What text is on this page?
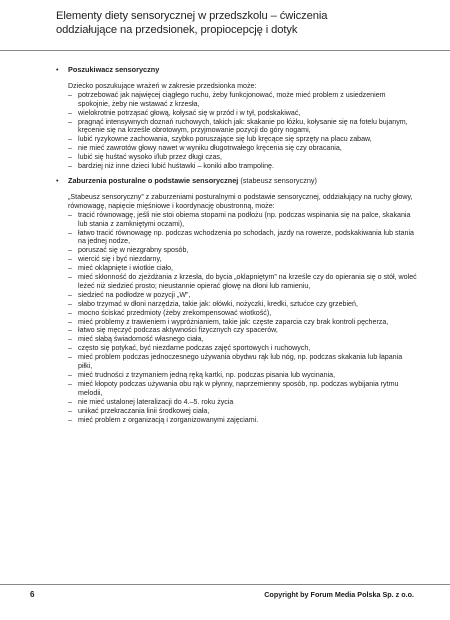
Elementy diety sensorycznej w przedszkolu – ćwiczenia
oddziałujące na przedsionek, propiocepcję i dotyk
• Poszukiwacz sensoryczny
Dziecko poszukujące wrażeń w zakresie przedsionka może:
– potrzebować jak najwięcej ciągłego ruchu, żeby funkcjonować, może mieć problem z usiedzeniem spokojnie, żeby nie wstawać z krzesła,
– wielokrotnie potrząsać głową, kołysać się w przód i w tył, podskakiwać,
– pragnąć intensywnych doznań ruchowych, takich jak: skakanie po łóżku, kołysanie się na fotelu bujanym, kręcenie się na krześle obrotowym, przyjmowanie pozycji do góry nogami,
– lubić ryzykowne zachowania, szybko poruszające się lub kręcące się sprzęty na placu zabaw,
– nie mieć zawrotów głowy nawet w wyniku długotrwałego kręcenia się czy obracania,
– lubić się huśtać wysoko i/lub przez długi czas,
– bardziej niż inne dzieci lubić huśtawki – koniki albo trampolinę.
• Zaburzenia posturalne o podstawie sensorycznej (stabeusz sensoryczny)
„Stabeusz sensoryczny” z zaburzeniami posturalnymi o podstawie sensorycznej, oddziałujący na ruchy głowy, równowagę, napięcie mięśniowe i koordynację obustronną, może:
– tracić równowagę, jeśli nie stoi obiema stopami na podłożu (np. podczas wspinania się na palce, skakania lub stania z zamkniętymi oczami),
– łatwo tracić równowagę np. podczas wchodzenia po schodach, jazdy na rowerze, podskakiwania lub stania na jednej nodze,
– poruszać się w niezgrabny sposób,
– wiercić się i być niezdarny,
– mieć oklapnięte i wiotkie ciało,
– mieć skłonność do zjeżdżania z krzesła, do bycia „oklapniętym” na krześle czy do opierania się o stół, woleć leżeć niż siedzieć prosto; nieustannie opierać głowę na dłoni lub ramieniu,
– siedzieć na podłodze w pozycji „W”,
– słabo trzymać w dłoni narzędzia, takie jak: ołówki, nożyczki, kredki, sztućce czy grzebień,
– mocno ściskać przedmioty (żeby zrekompensować wiotkość),
– mieć problemy z trawieniem i wypróżnianiem, takie jak: częste zaparcia czy brak kontroli pęcherza,
– łatwo się męczyć podczas aktywności fizycznych czy spacerów,
– mieć słabą świadomość własnego ciała,
– często się potykać, być niezdarne podczas zajęć sportowych i ruchowych,
– mieć problem podczas jednoczesnego używania obydwu rąk lub nóg, np. podczas skakania lub łapania piłki,
– mieć trudności z trzymaniem jedną ręką kartki, np. podczas pisania lub wycinania,
– mieć kłopoty podczas używania obu rąk w płynny, naprzemienny sposób, np. podczas wybijania rytmu melodii,
– nie mieć ustalonej lateralizacji do 4.–5. roku życia
– unikać przekraczania linii środkowej ciała,
– mieć problem z organizacją i zorganizowanymi zajęciami.
6	Copyright by Forum Media Polska Sp. z o.o.
